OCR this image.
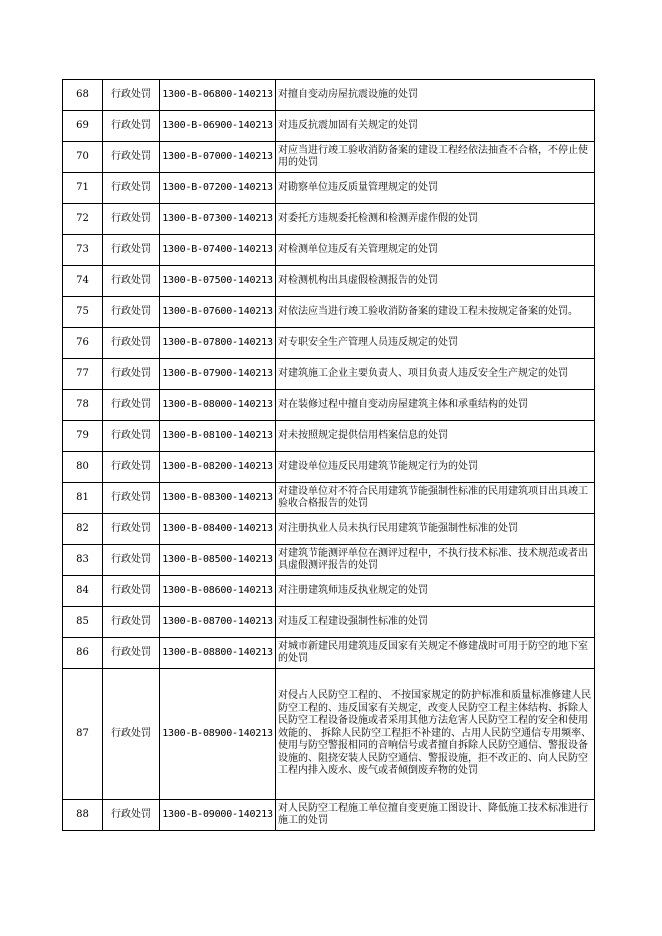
68	行政处罚	1300-B-06800-140213	对擅自变动房屋抗震设施的处罚
69	行政处罚	1300-B-06900-140213	对违反抗震加固有关规定的处罚
70	行政处罚	1300-B-07000-140213	对应当进行竣工验收消防备案的建设工程经依法抽查不合格，不停止使用的处罚
71	行政处罚	1300-B-07200-140213	对勘察单位违反质量管理规定的处罚
72	行政处罚	1300-B-07300-140213	对委托方违规委托检测和检测弄虚作假的处罚
73	行政处罚	1300-B-07400-140213	对检测单位违反有关管理规定的处罚
74	行政处罚	1300-B-07500-140213	对检测机构出具虚假检测报告的处罚
75	行政处罚	1300-B-07600-140213	对依法应当进行竣工验收消防备案的建设工程未按规定备案的处罚。
76	行政处罚	1300-B-07800-140213	对专职安全生产管理人员违反规定的处罚
77	行政处罚	1300-B-07900-140213	对建筑施工企业主要负责人、项目负责人违反安全生产规定的处罚
78	行政处罚	1300-B-08000-140213	对在装修过程中擅自变动房屋建筑主体和承重结构的处罚
79	行政处罚	1300-B-08100-140213	对未按照规定提供信用档案信息的处罚
80	行政处罚	1300-B-08200-140213	对建设单位违反民用建筑节能规定行为的处罚
81	行政处罚	1300-B-08300-140213	对建设单位对不符合民用建筑节能强制性标准的民用建筑项目出具竣工验收合格报告的处罚
82	行政处罚	1300-B-08400-140213	对注册执业人员未执行民用建筑节能强制性标准的处罚
83	行政处罚	1300-B-08500-140213	对建筑节能测评单位在测评过程中，不执行技术标准、技术规范或者出具虚假测评报告的处罚
84	行政处罚	1300-B-08600-140213	对注册建筑师违反执业规定的处罚
85	行政处罚	1300-B-08700-140213	对违反工程建设强制性标准的处罚
86	行政处罚	1300-B-08800-140213	对城市新建民用建筑违反国家有关规定不修建战时可用于防空的地下室的处罚
87	行政处罚	1300-B-08900-140213	对侵占人民防空工程的、 不按国家规定的防护标准和质量标准修建人民防空工程的、违反国家有关规定，改变人民防空工程主体结构、拆除人民防空工程设备设施或者采用其他方法危害人民防空工程的安全和使用效能的、 拆除人民防空工程拒不补建的、占用人民防空通信专用频率、使用与防空警报相同的音响信号或者擅自拆除人民防空通信、警报设备设施的、阻挠安装人民防空通信、警报设施，拒不改正的、向人民防空工程内排入废水、废气或者倾倒废弃物的处罚
88	行政处罚	1300-B-09000-140213	对人民防空工程施工单位擅自变更施工图设计、降低施工技术标准进行施工的处罚
